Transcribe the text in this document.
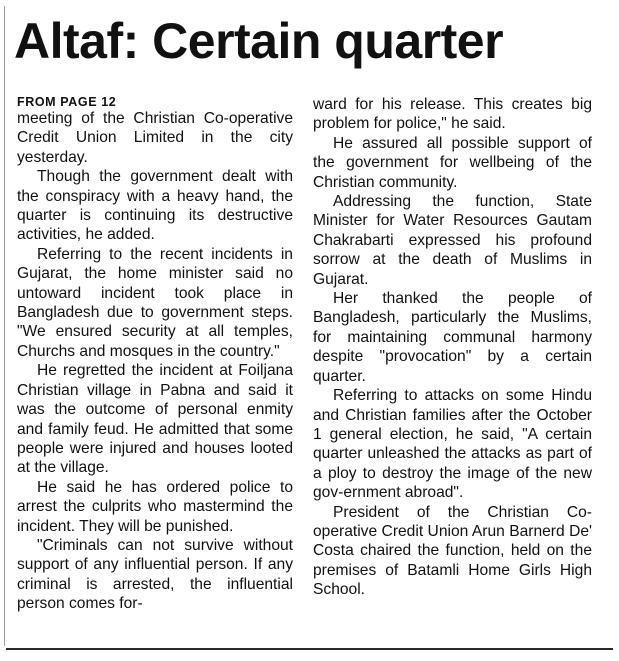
Altaf: Certain quarter
FROM PAGE 12

meeting of the Christian Co-operative Credit Union Limited in the city yesterday.

Though the government dealt with the conspiracy with a heavy hand, the quarter is continuing its destructive activities, he added.

Referring to the recent incidents in Gujarat, the home minister said no untoward incident took place in Bangladesh due to government steps. "We ensured security at all temples, Churchs and mosques in the country."

He regretted the incident at Foiljana Christian village in Pabna and said it was the outcome of personal enmity and family feud. He admitted that some people were injured and houses looted at the village.

He said he has ordered police to arrest the culprits who mastermind the incident. They will be punished.

"Criminals can not survive without support of any influential person. If any criminal is arrested, the influential person comes for-

ward for his release. This creates big problem for police," he said.

He assured all possible support of the government for wellbeing of the Christian community.

Addressing the function, State Minister for Water Resources Gautam Chakrabarti expressed his profound sorrow at the death of Muslims in Gujarat.

Her thanked the people of Bangladesh, particularly the Muslims, for maintaining communal harmony despite "provocation" by a certain quarter.

Referring to attacks on some Hindu and Christian families after the October 1 general election, he said, "A certain quarter unleashed the attacks as part of a ploy to destroy the image of the new gov-ernment abroad".

President of the Christian Co-operative Credit Union Arun Barnerd De' Costa chaired the function, held on the premises of Batamli Home Girls High School.
